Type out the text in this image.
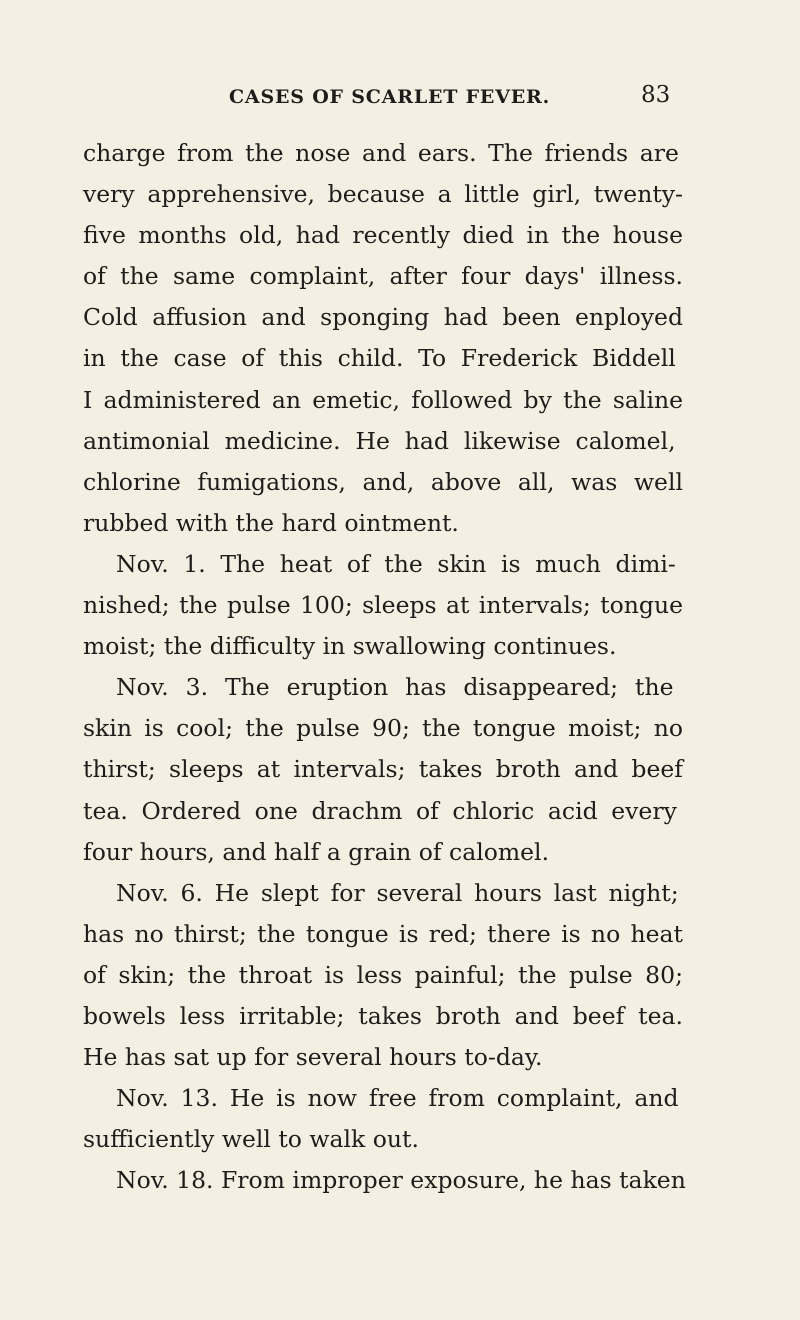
CASES OF SCARLET FEVER.	83
charge from the nose and ears. The friends are
very apprehensive, because a little girl, twenty-
five months old, had recently died in the house
of the same complaint, after four days' illness.
Cold affusion and sponging had been enployed
in the case of this child. To Frederick Biddell
I administered an emetic, followed by the saline
antimonial medicine. He had likewise calomel,
chlorine fumigations, and, above all, was well
rubbed with the hard ointment.
Nov. 1. The heat of the skin is much dimi-
nished; the pulse 100; sleeps at intervals; tongue
moist; the difficulty in swallowing continues.
Nov. 3. The eruption has disappeared; the
skin is cool; the pulse 90; the tongue moist; no
thirst; sleeps at intervals; takes broth and beef
tea. Ordered one drachm of chloric acid every
four hours, and half a grain of calomel.
Nov. 6. He slept for several hours last night;
has no thirst; the tongue is red; there is no heat
of skin; the throat is less painful; the pulse 80;
bowels less irritable; takes broth and beef tea.
He has sat up for several hours to-day.
Nov. 13. He is now free from complaint, and
sufficiently well to walk out.
Nov. 18. From improper exposure, he has taken
